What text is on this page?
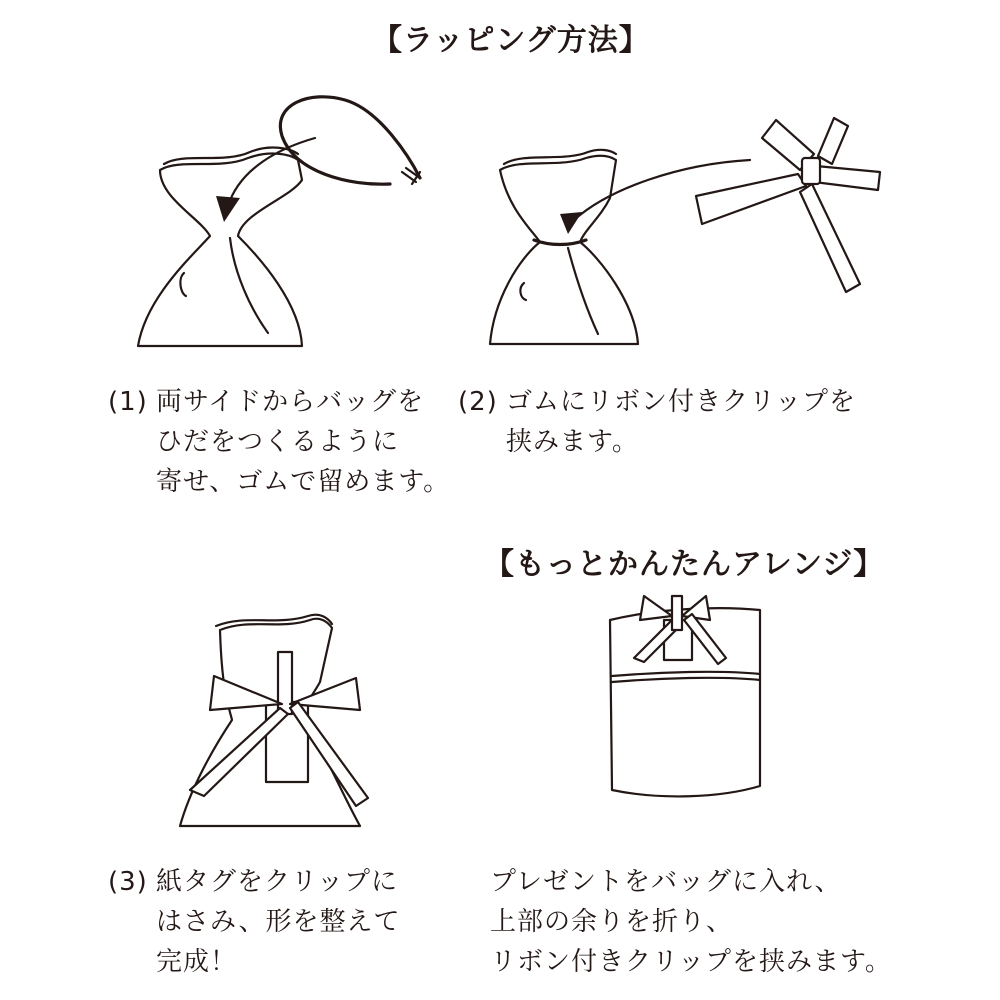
【ラッピング方法】
(1) 両サイドからバッグを
ひだをつくるように
寄せ、ゴムで留めます。
(2) ゴムにリボン付きクリップを
挟みます。
【もっとかんたんアレンジ】
(3) 紙タグをクリップに
はさみ、形を整えて
完成！
プレゼントをバッグに入れ、
上部の余りを折り、
リボン付きクリップを挟みます。
